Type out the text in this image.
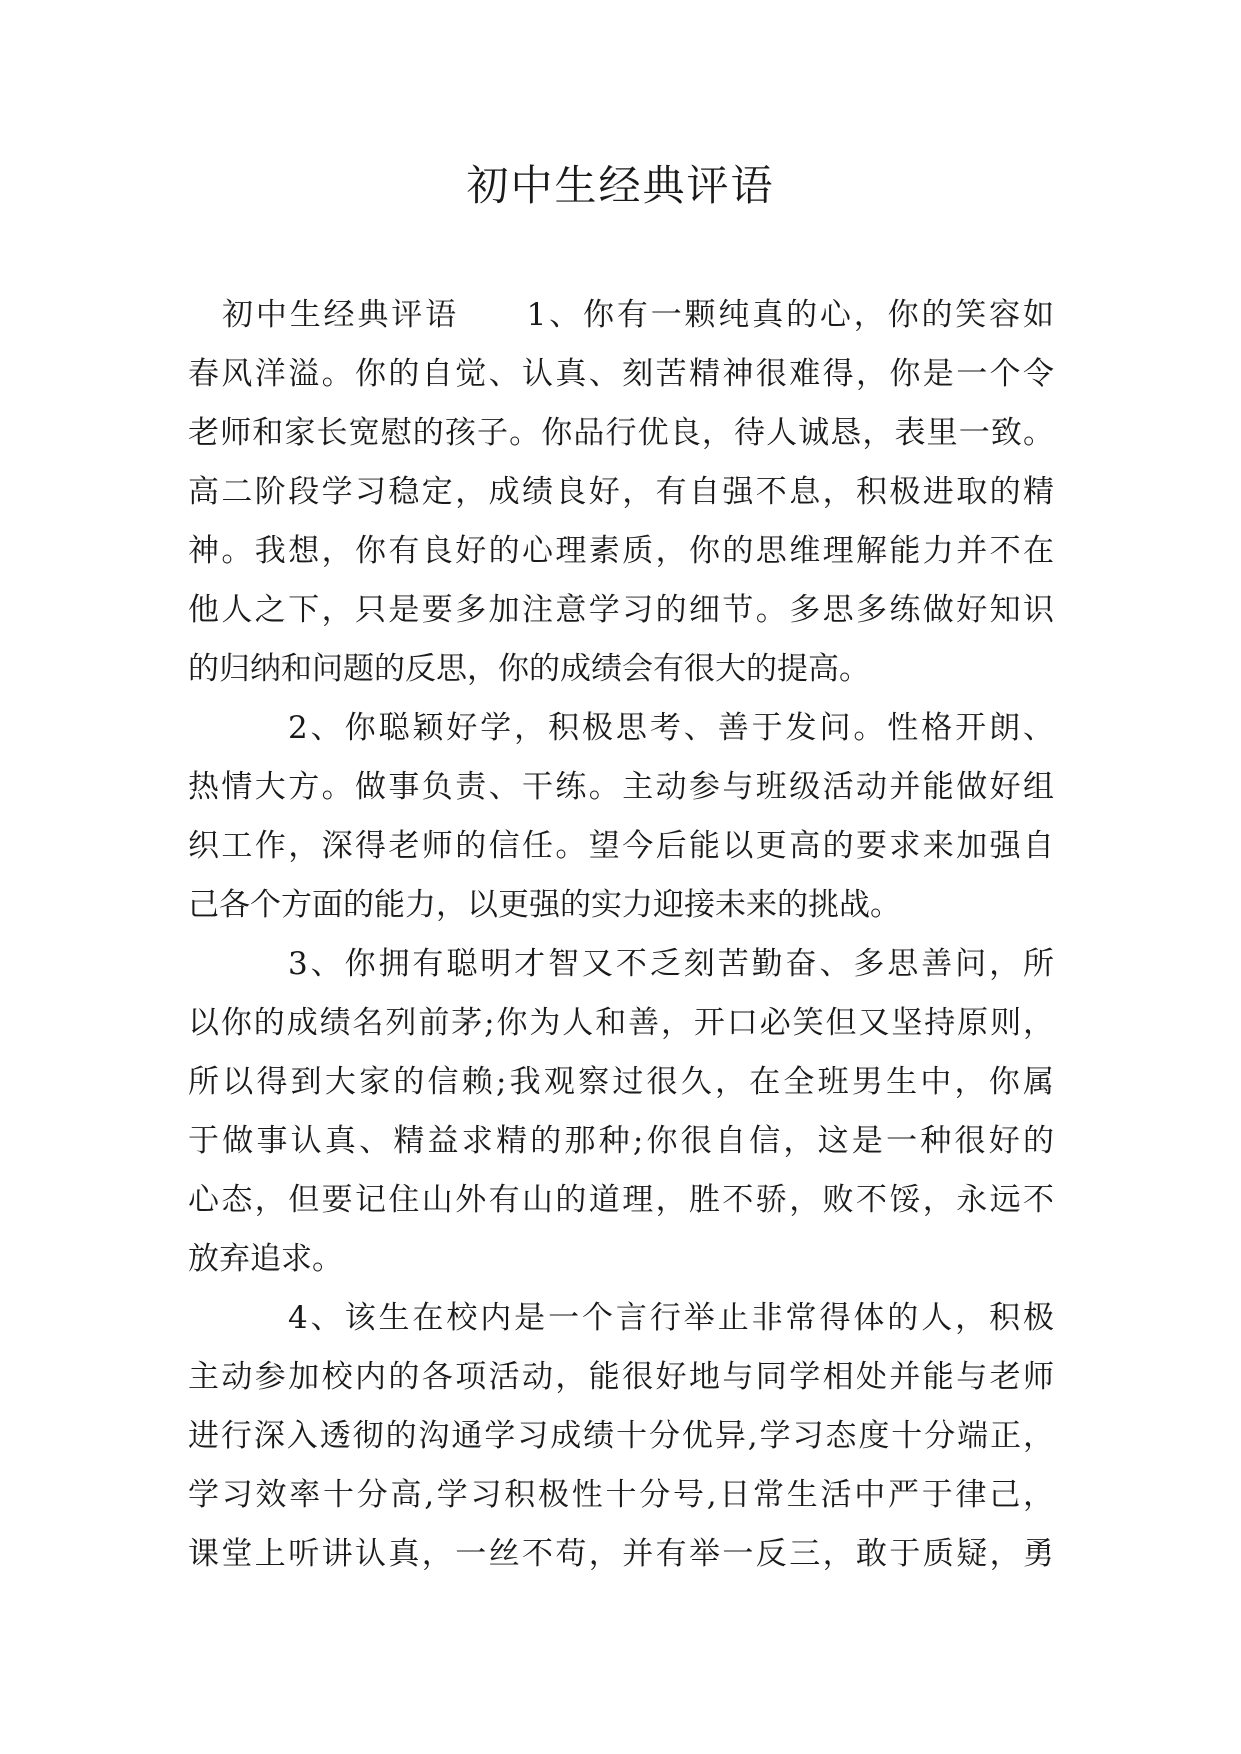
初中生经典评语
初中生经典评语　　1、你有一颗纯真的心，你的笑容如
春风洋溢。你的自觉、认真、刻苦精神很难得，你是一个令
老师和家长宽慰的孩子。你品行优良，待人诚恳，表里一致。
高二阶段学习稳定，成绩良好，有自强不息，积极进取的精
神。我想，你有良好的心理素质，你的思维理解能力并不在
他人之下，只是要多加注意学习的细节。多思多练做好知识
的归纳和问题的反思，你的成绩会有很大的提高。
2、你聪颖好学，积极思考、善于发问。性格开朗、
热情大方。做事负责、干练。主动参与班级活动并能做好组
织工作，深得老师的信任。望今后能以更高的要求来加强自
己各个方面的能力，以更强的实力迎接未来的挑战。
3、你拥有聪明才智又不乏刻苦勤奋、多思善问，所
以你的成绩名列前茅;你为人和善，开口必笑但又坚持原则，
所以得到大家的信赖;我观察过很久，在全班男生中，你属
于做事认真、精益求精的那种;你很自信，这是一种很好的
心态，但要记住山外有山的道理，胜不骄，败不馁，永远不
放弃追求。
4、该生在校内是一个言行举止非常得体的人，积极
主动参加校内的各项活动，能很好地与同学相处并能与老师
进行深入透彻的沟通学习成绩十分优异,学习态度十分端正，
学习效率十分高,学习积极性十分号,日常生活中严于律己，
课堂上听讲认真，一丝不苟，并有举一反三，敢于质疑，勇
